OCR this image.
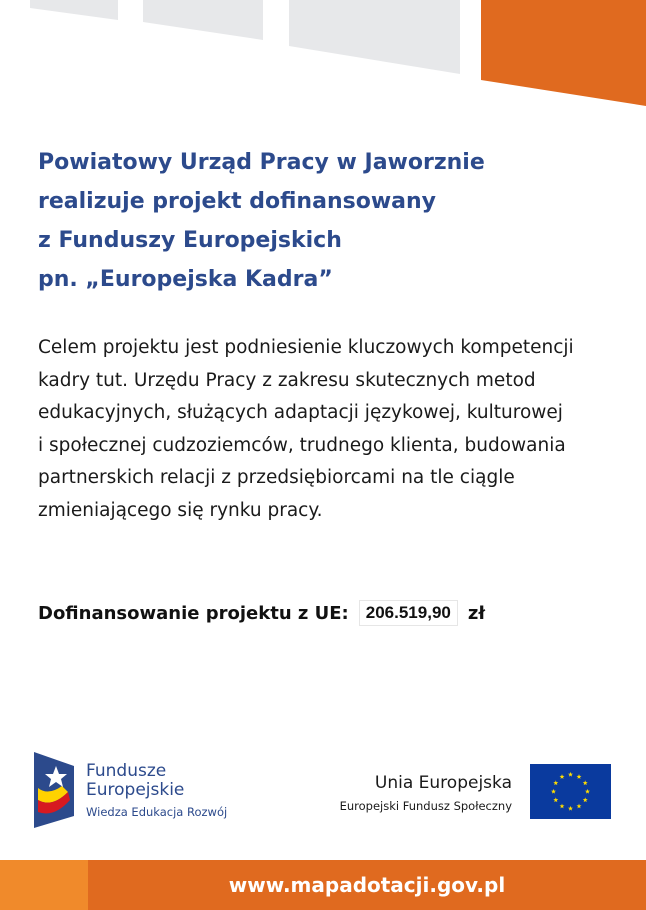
Powiatowy Urząd Pracy w Jaworznie
realizuje projekt dofinansowany
z Funduszy Europejskich
pn. „Europejska Kadra”
Celem projektu jest podniesienie kluczowych kompetencji
kadry tut. Urzędu Pracy z zakresu skutecznych metod
edukacyjnych, służących adaptacji językowej, kulturowej
i społecznej cudzoziemców, trudnego klienta, budowania
partnerskich relacji z przedsiębiorcami na tle ciągle
zmieniającego się rynku pracy.
Dofinansowanie projektu z UE:	206.519,90 zł
Fundusze
Europejskie
Wiedza Edukacja Rozwój
Unia Europejska
Europejski Fundusz Społeczny
www.mapadotacji.gov.pl
